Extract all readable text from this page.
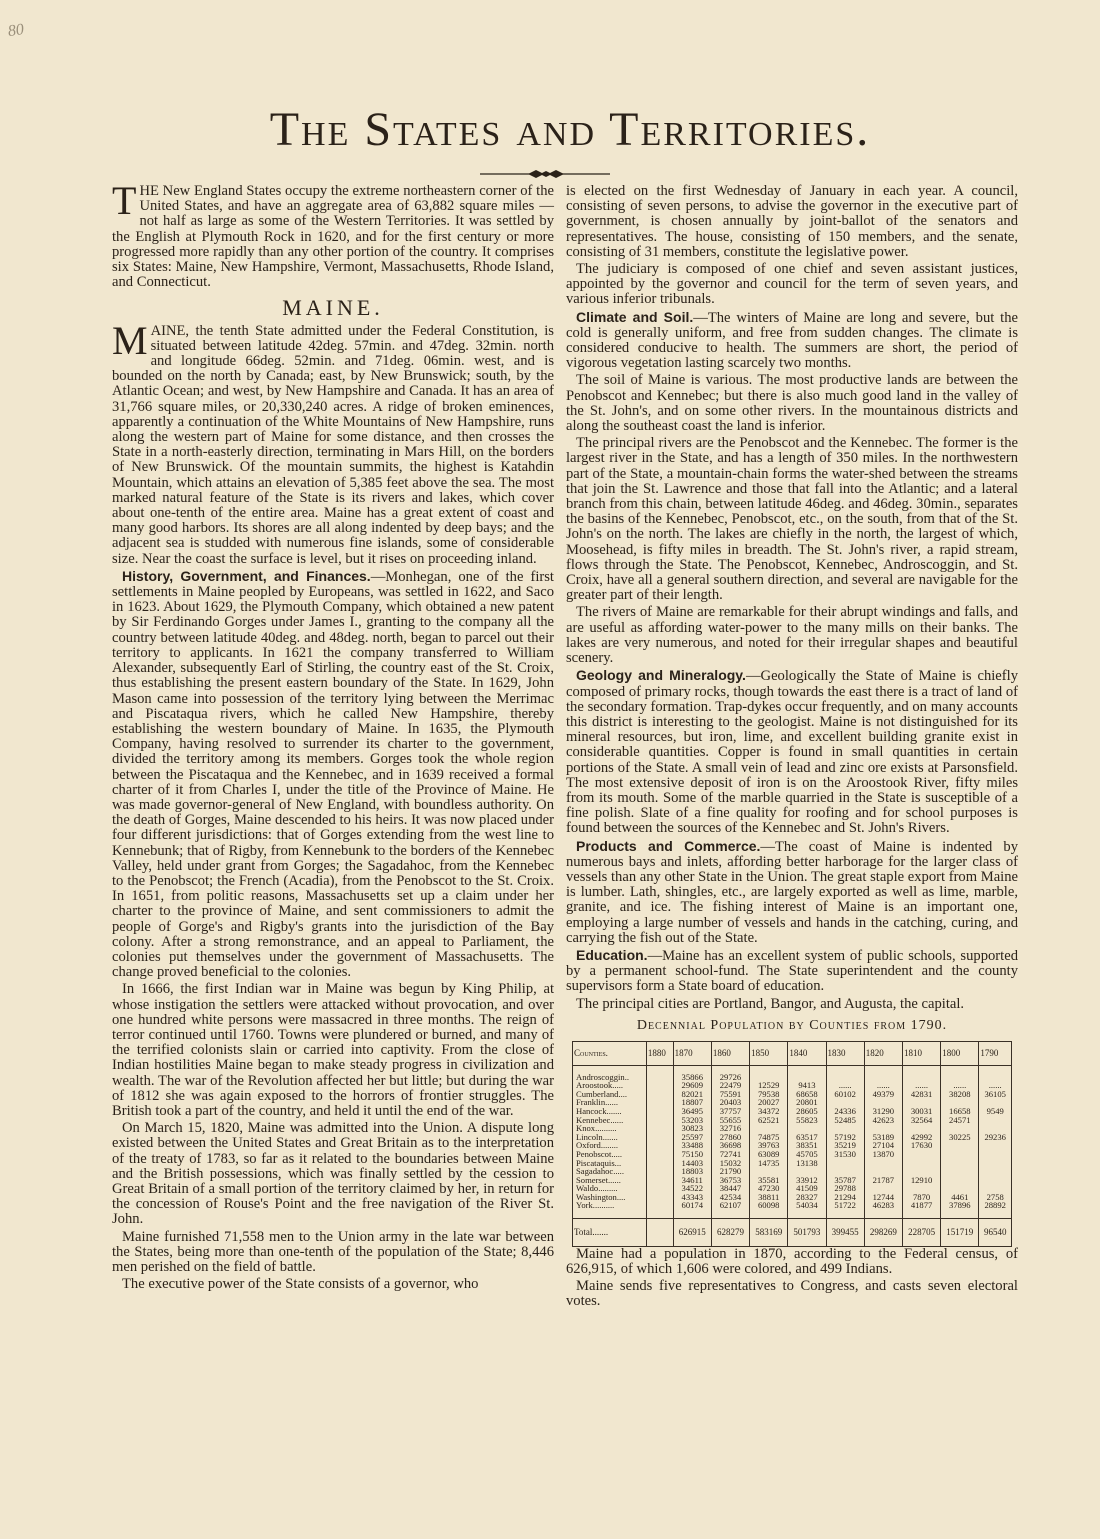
80
The States and Territories.

THE New England States occupy the extreme northeastern corner of the United States, and have an aggregate area of 63,882 square miles — not half as large as some of the Western Territories. It was settled by the English at Plymouth Rock in 1620, and for the first century or more progressed more rapidly than any other portion of the country. It comprises six States: Maine, New Hampshire, Vermont, Massachusetts, Rhode Island, and Connecticut.

MAINE.

MAINE, the tenth State admitted under the Federal Constitution, is situated between latitude 42deg. 57min. and 47deg. 32min. north and longitude 66deg. 52min. and 71deg. 06min. west, and is bounded on the north by Canada; east, by New Brunswick; south, by the Atlantic Ocean; and west, by New Hampshire and Canada. It has an area of 31,766 square miles, or 20,330,240 acres. A ridge of broken eminences, apparently a continuation of the White Mountains of New Hampshire, runs along the western part of Maine for some distance, and then crosses the State in a north-easterly direction, terminating in Mars Hill, on the borders of New Brunswick. Of the mountain summits, the highest is Katahdin Mountain, which attains an elevation of 5,385 feet above the sea. The most marked natural feature of the State is its rivers and lakes, which cover about one-tenth of the entire area. Maine has a great extent of coast and many good harbors. Its shores are all along indented by deep bays; and the adjacent sea is studded with numerous fine islands, some of considerable size. Near the coast the surface is level, but it rises on proceeding inland.

History, Government, and Finances.—Monhegan, one of the first settlements in Maine peopled by Europeans, was settled in 1622, and Saco in 1623. About 1629, the Plymouth Company, which obtained a new patent by Sir Ferdinando Gorges under James I., granting to the company all the country between latitude 40deg. and 48deg. north, began to parcel out their territory to applicants. In 1621 the company transferred to William Alexander, subsequently Earl of Stirling, the country east of the St. Croix, thus establishing the present eastern boundary of the State. In 1629, John Mason came into possession of the territory lying between the Merrimac and Piscataqua rivers, which he called New Hampshire, thereby establishing the western boundary of Maine. In 1635, the Plymouth Company, having resolved to surrender its charter to the government, divided the territory among its members. Gorges took the whole region between the Piscataqua and the Kennebec, and in 1639 received a formal charter of it from Charles I, under the title of the Province of Maine. He was made governor-general of New England, with boundless authority. On the death of Gorges, Maine descended to his heirs. It was now placed under four different jurisdictions: that of Gorges extending from the west line to Kennebunk; that of Rigby, from Kennebunk to the borders of the Kennebec Valley, held under grant from Gorges; the Sagadahoc, from the Kennebec to the Penobscot; the French (Acadia), from the Penobscot to the St. Croix. In 1651, from politic reasons, Massachusetts set up a claim under her charter to the province of Maine, and sent commissioners to admit the people of Gorge's and Rigby's grants into the jurisdiction of the Bay colony. After a strong remonstrance, and an appeal to Parliament, the colonies put themselves under the government of Massachusetts. The change proved beneficial to the colonies.

In 1666, the first Indian war in Maine was begun by King Philip, at whose instigation the settlers were attacked without provocation, and over one hundred white persons were massacred in three months. The reign of terror continued until 1760. Towns were plundered or burned, and many of the terrified colonists slain or carried into captivity. From the close of Indian hostilities Maine began to make steady progress in civilization and wealth. The war of the Revolution affected her but little; but during the war of 1812 she was again exposed to the horrors of frontier struggles. The British took a part of the country, and held it until the end of the war.

On March 15, 1820, Maine was admitted into the Union. A dispute long existed between the United States and Great Britain as to the interpretation of the treaty of 1783, so far as it related to the boundaries between Maine and the British possessions, which was finally settled by the cession to Great Britain of a small portion of the territory claimed by her, in return for the concession of Rouse's Point and the free navigation of the River St. John.

Maine furnished 71,558 men to the Union army in the late war between the States, being more than one-tenth of the population of the State; 8,446 men perished on the field of battle.

The executive power of the State consists of a governor, who

is elected on the first Wednesday of January in each year. A council, consisting of seven persons, to advise the governor in the executive part of government, is chosen annually by joint-ballot of the senators and representatives. The house, consisting of 150 members, and the senate, consisting of 31 members, constitute the legislative power.

The judiciary is composed of one chief and seven assistant justices, appointed by the governor and council for the term of seven years, and various inferior tribunals.

Climate and Soil.—The winters of Maine are long and severe, but the cold is generally uniform, and free from sudden changes. The climate is considered conducive to health. The summers are short, the period of vigorous vegetation lasting scarcely two months.

The soil of Maine is various. The most productive lands are between the Penobscot and Kennebec; but there is also much good land in the valley of the St. John's, and on some other rivers. In the mountainous districts and along the southeast coast the land is inferior.

The principal rivers are the Penobscot and the Kennebec. The former is the largest river in the State, and has a length of 350 miles. In the northwestern part of the State, a mountain-chain forms the water-shed between the streams that join the St. Lawrence and those that fall into the Atlantic; and a lateral branch from this chain, between latitude 46deg. and 46deg. 30min., separates the basins of the Kennebec, Penobscot, etc., on the south, from that of the St. John's on the north. The lakes are chiefly in the north, the largest of which, Moosehead, is fifty miles in breadth. The St. John's river, a rapid stream, flows through the State. The Penobscot, Kennebec, Androscoggin, and St. Croix, have all a general southern direction, and several are navigable for the greater part of their length.

The rivers of Maine are remarkable for their abrupt windings and falls, and are useful as affording water-power to the many mills on their banks. The lakes are very numerous, and noted for their irregular shapes and beautiful scenery.

Geology and Mineralogy.—Geologically the State of Maine is chiefly composed of primary rocks, though towards the east there is a tract of land of the secondary formation. Trap-dykes occur frequently, and on many accounts this district is interesting to the geologist. Maine is not distinguished for its mineral resources, but iron, lime, and excellent building granite exist in considerable quantities. Copper is found in small quantities in certain portions of the State. A small vein of lead and zinc ore exists at Parsonsfield. The most extensive deposit of iron is on the Aroostook River, fifty miles from its mouth. Some of the marble quarried in the State is susceptible of a fine polish. Slate of a fine quality for roofing and for school purposes is found between the sources of the Kennebec and St. John's Rivers.

Products and Commerce.—The coast of Maine is indented by numerous bays and inlets, affording better harborage for the larger class of vessels than any other State in the Union. The great staple export from Maine is lumber. Lath, shingles, etc., are largely exported as well as lime, marble, granite, and ice. The fishing interest of Maine is an important one, employing a large number of vessels and hands in the catching, curing, and carrying the fish out of the State.

Education.—Maine has an excellent system of public schools, supported by a permanent school-fund. The State superintendent and the county supervisors form a State board of education.

The principal cities are Portland, Bangor, and Augusta, the capital.

Decennial Population by Counties from 1790.
Counties.	1880	1870	1860	1850	1840	1830	1820	1810	1800	1790
Androscoggin..		35866	29726							
Aroostook.....		29609	22479	12529	9413	......	......	......	......	......
Cumberland....		82021	75591	79538	68658	60102	49379	42831	38208	36105
Franklin......		18807	20403	20027	20801					
Hancock.......		36495	37757	34372	28605	24336	31290	30031	16658	9549
Kennebec......		53203	55655	62521	55823	52485	42623	32564	24571	
Knox..........		30823	32716							
Lincoln.......		25597	27860	74875	63517	57192	53189	42992	30225	29236
Oxford........		33488	36698	39763	38351	35219	27104	17630		
Penobscot.....		75150	72741	63089	45705	31530	13870			
Piscataquis...		14403	15032	14735	13138					
Sagadahoc.....		18803	21790							
Somerset......		34611	36753	35581	33912	35787	21787	12910		
Waldo.........		34522	38447	47230	41509	29788				
Washington....		43343	42534	38811	28327	21294	12744	7870	4461	2758
York..........		60174	62107	60098	54034	51722	46283	41877	37896	28892
Total.......		626915	628279	583169	501793	399455	298269	228705	151719	96540

Maine had a population in 1870, according to the Federal census, of 626,915, of which 1,606 were colored, and 499 Indians.

Maine sends five representatives to Congress, and casts seven electoral votes.
